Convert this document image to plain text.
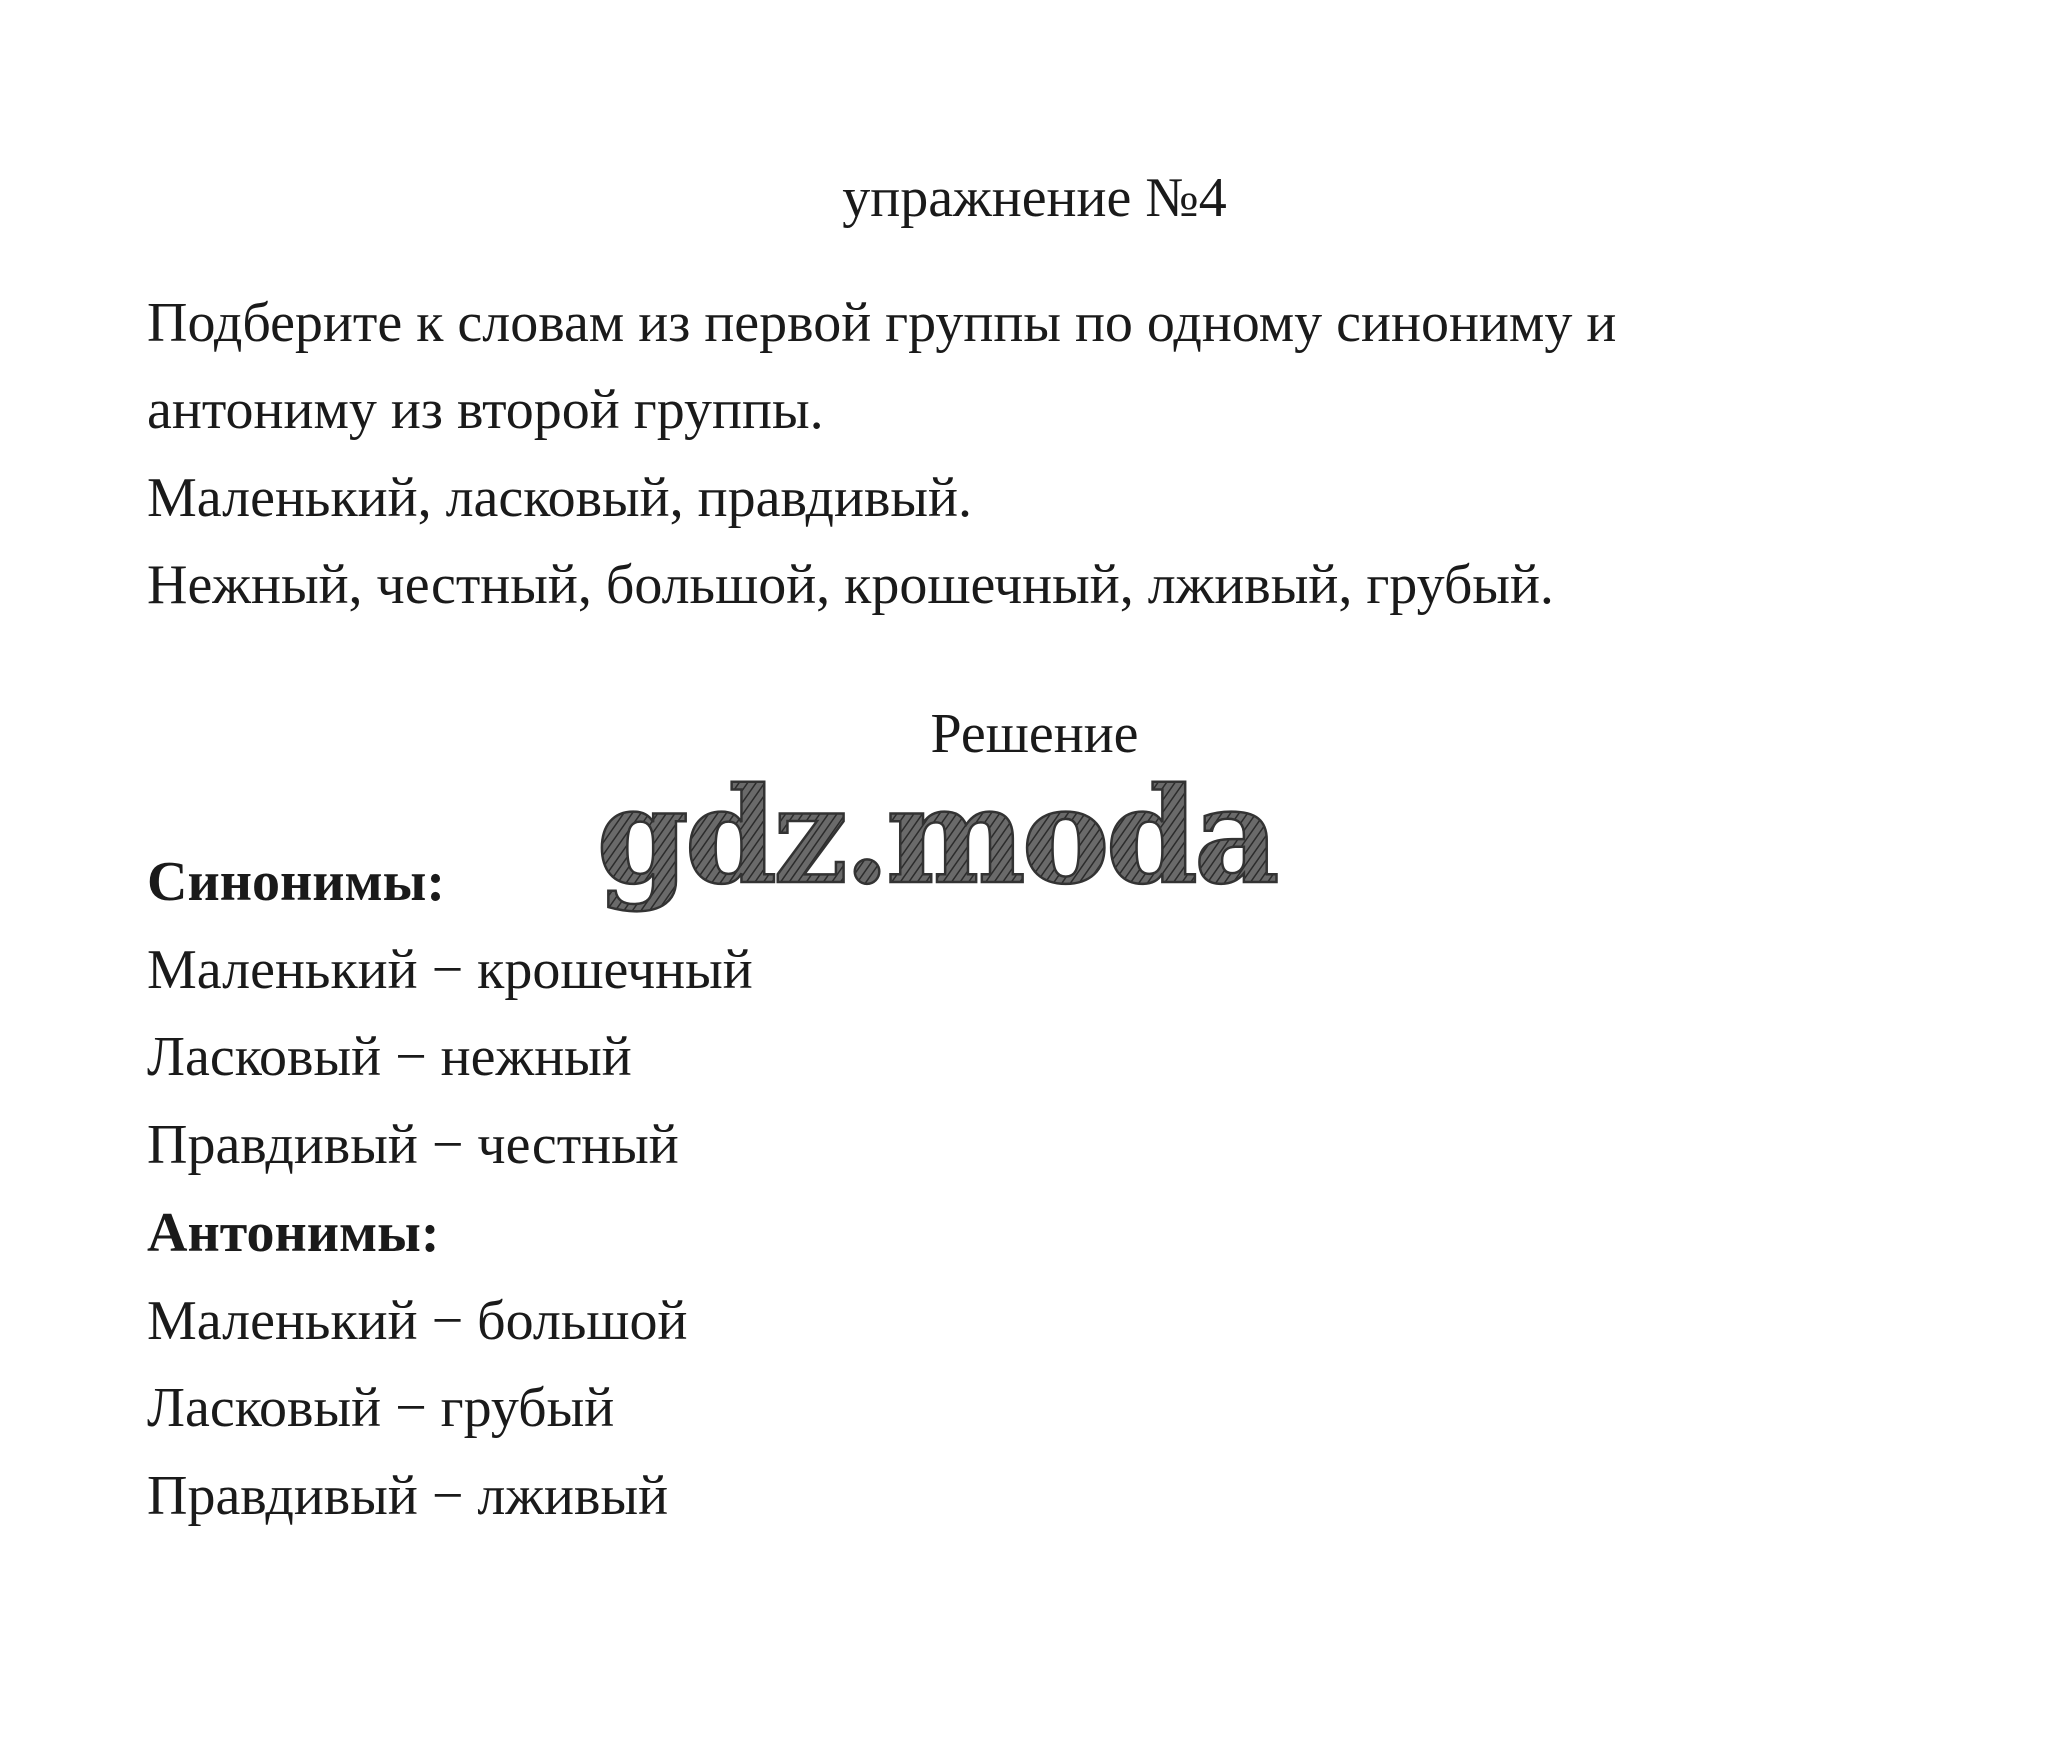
упражнение №4
Подберите к словам из первой группы по одному синониму и
антониму из второй группы.
Маленький, ласковый, правдивый.
Нежный, честный, большой, крошечный, лживый, грубый.
Решение
gdz.moda
Синонимы:
Маленький − крошечный
Ласковый − нежный
Правдивый − честный
Антонимы:
Маленький − большой
Ласковый − грубый
Правдивый − лживый
